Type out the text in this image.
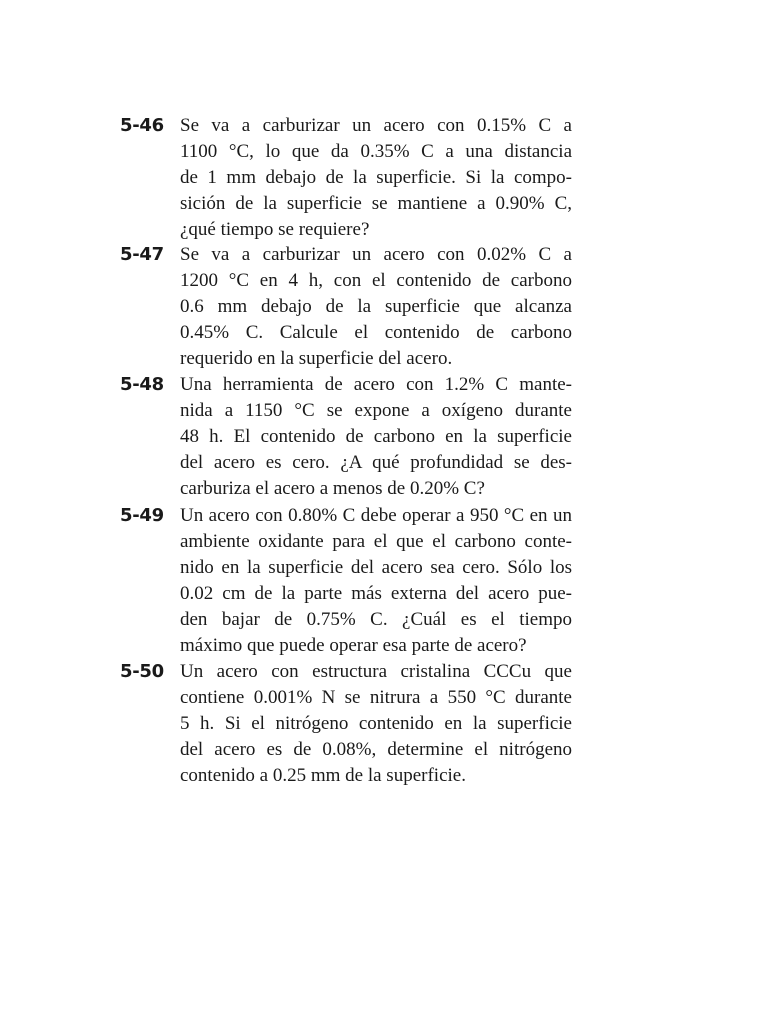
5-46 Se va a carburizar un acero con 0.15% C a
1100 °C, lo que da 0.35% C a una distancia
de 1 mm debajo de la superficie. Si la compo-
sición de la superficie se mantiene a 0.90% C,
¿qué tiempo se requiere?
5-47 Se va a carburizar un acero con 0.02% C a
1200 °C en 4 h, con el contenido de carbono
0.6 mm debajo de la superficie que alcanza
0.45% C. Calcule el contenido de carbono
requerido en la superficie del acero.
5-48 Una herramienta de acero con 1.2% C mante-
nida a 1150 °C se expone a oxígeno durante
48 h. El contenido de carbono en la superficie
del acero es cero. ¿A qué profundidad se des-
carburiza el acero a menos de 0.20% C?
5-49 Un acero con 0.80% C debe operar a 950 °C en un
ambiente oxidante para el que el carbono conte-
nido en la superficie del acero sea cero. Sólo los
0.02 cm de la parte más externa del acero pue-
den bajar de 0.75% C. ¿Cuál es el tiempo
máximo que puede operar esa parte de acero?
5-50 Un acero con estructura cristalina CCCu que
contiene 0.001% N se nitrura a 550 °C durante
5 h. Si el nitrógeno contenido en la superficie
del acero es de 0.08%, determine el nitrógeno
contenido a 0.25 mm de la superficie.
